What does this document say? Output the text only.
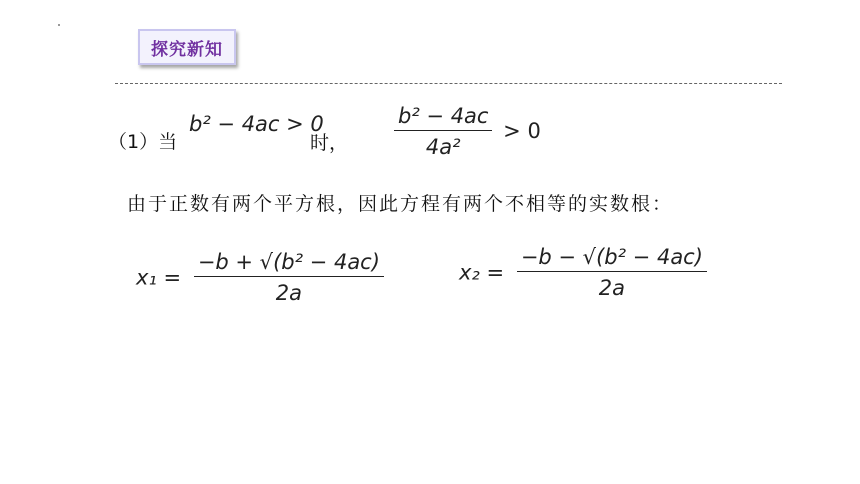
探究新知
（1）当
b² − 4ac > 0
时， $\frac{\text{b² − 4ac}}{\text{4a²}} > 0$
由于正数有两个平方根，因此方程有两个不相等的实数根：
$x_1 = \frac{\text{−b + √(b² − 4ac)}}{2a}$	$x_2 = \frac{\text{−b − √(b² − 4ac)}}{2a}$
